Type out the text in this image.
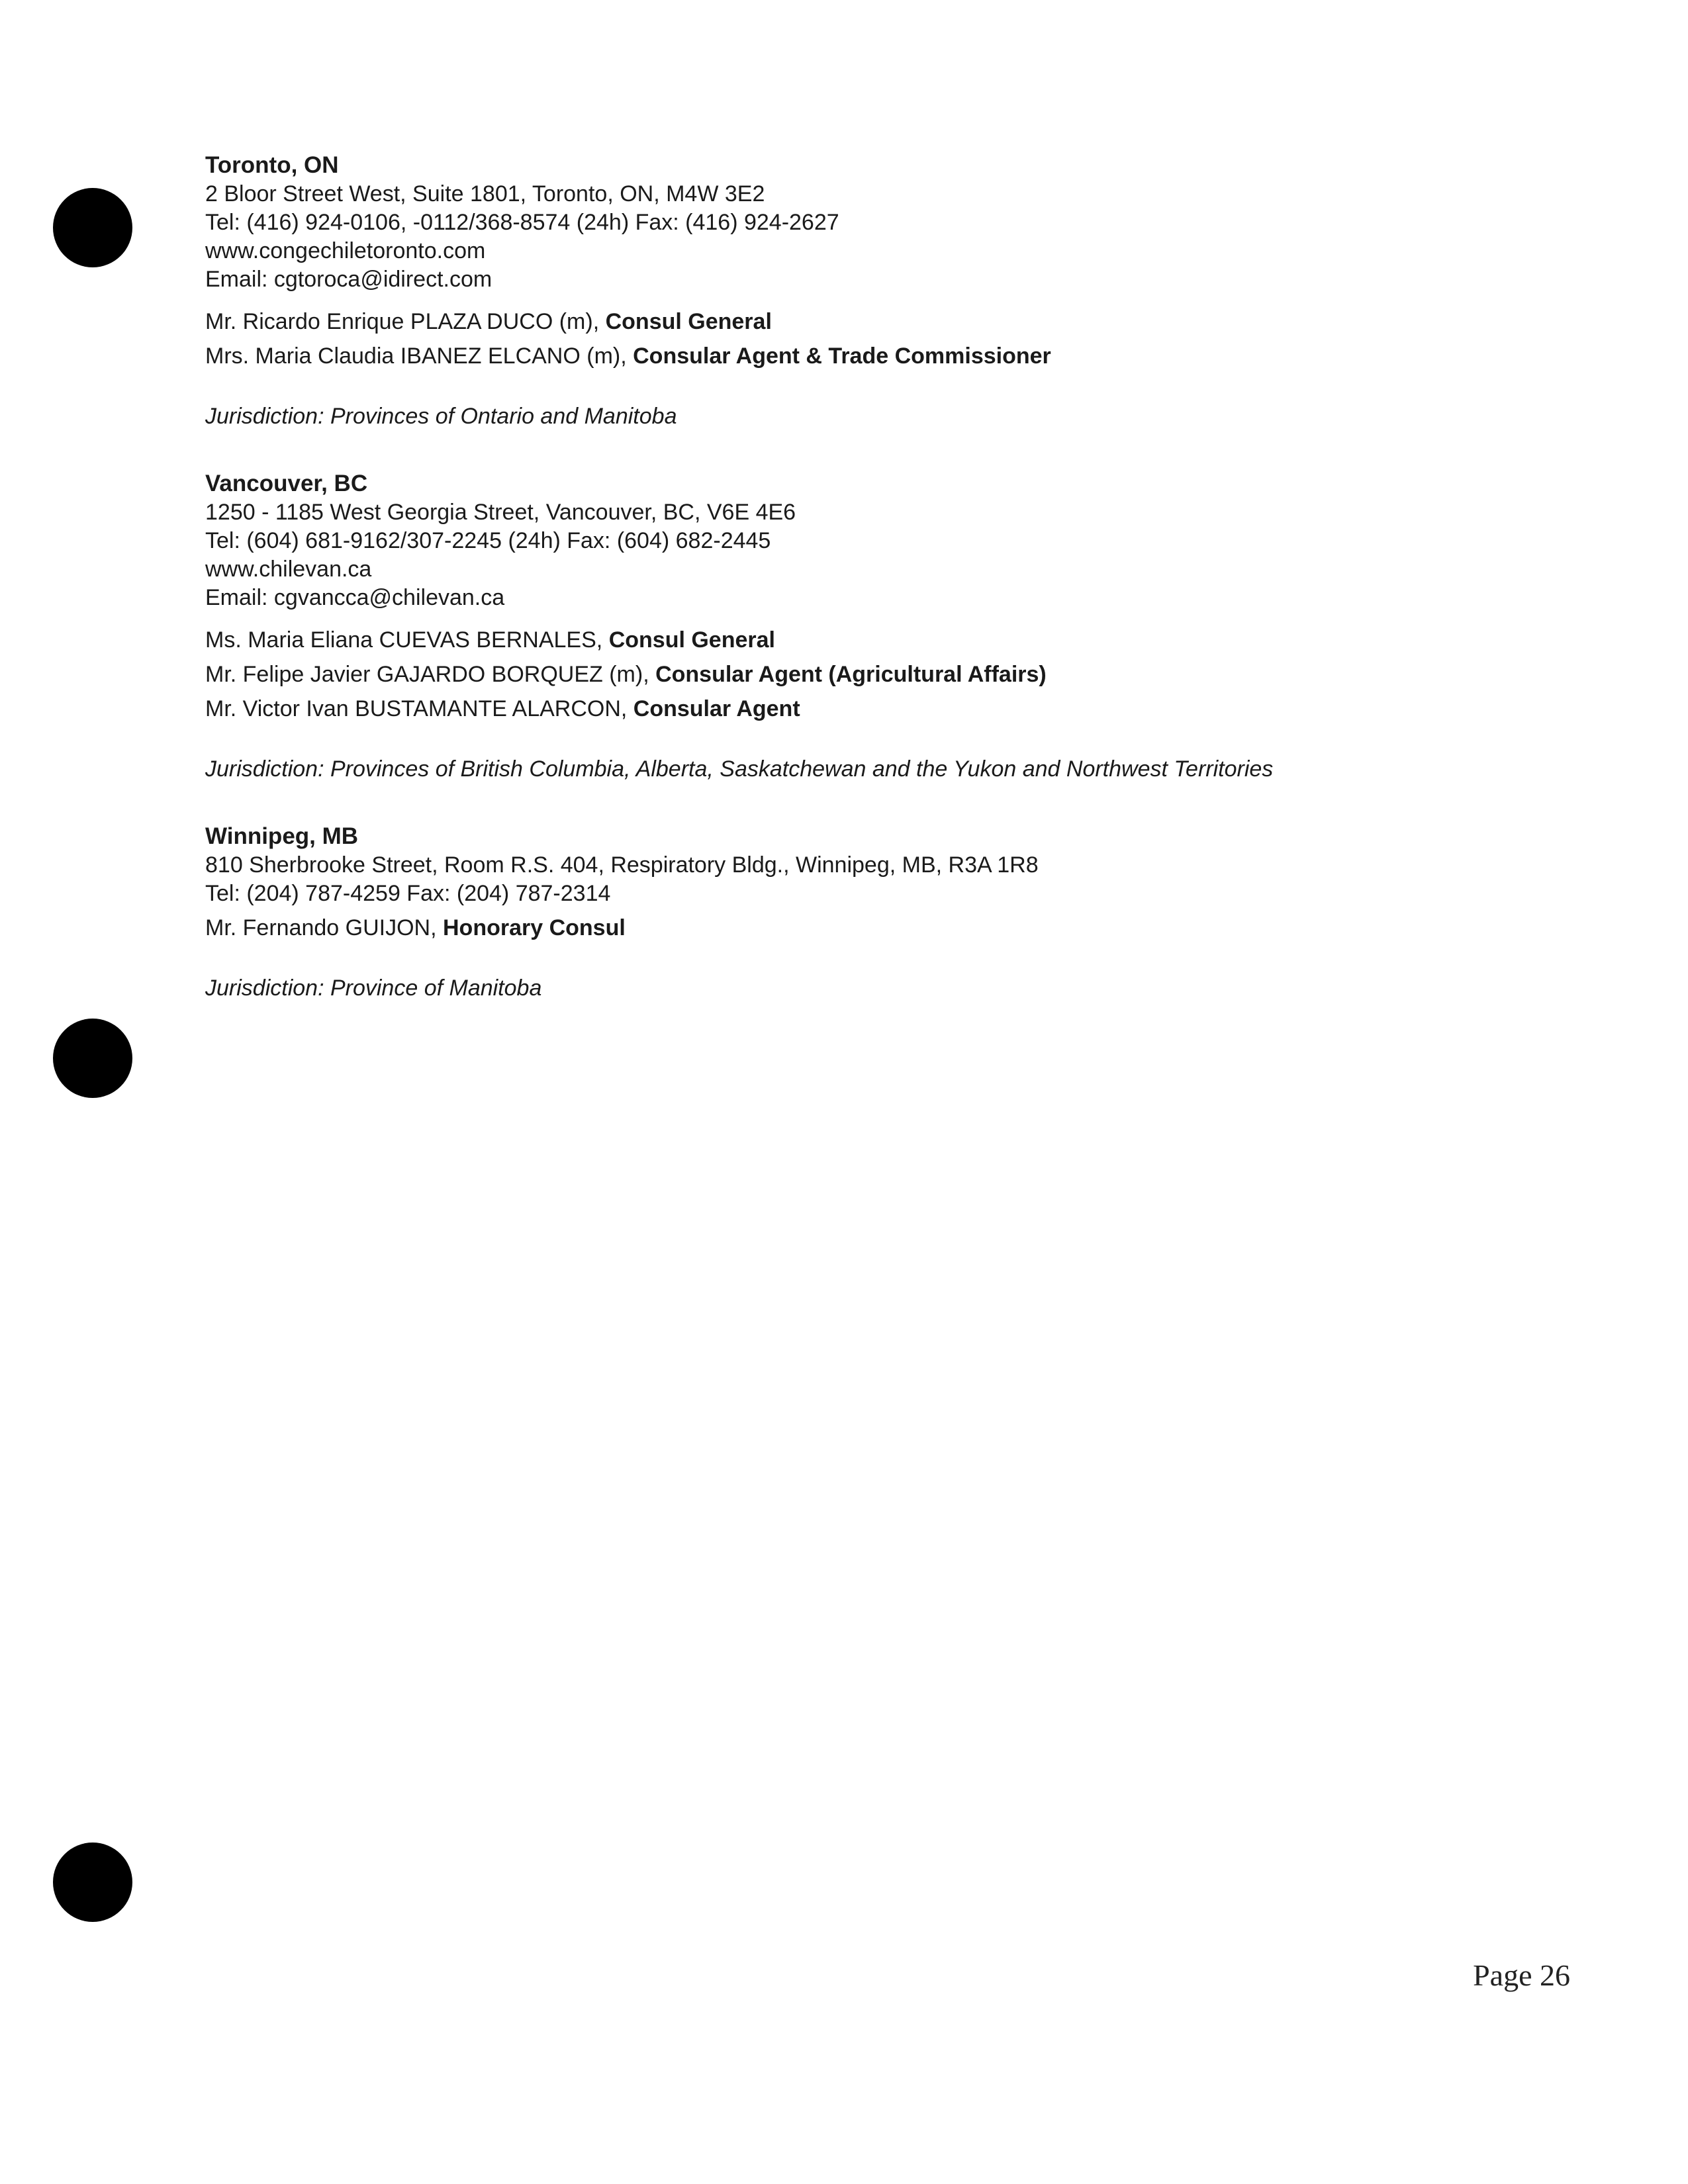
Toronto, ON
2 Bloor Street West, Suite 1801, Toronto, ON, M4W 3E2
Tel: (416) 924-0106, -0112/368-8574 (24h) Fax: (416) 924-2627
www.congechiletoronto.com
Email: cgtoroca@idirect.com
Mr. Ricardo Enrique PLAZA DUCO (m), Consul General
Mrs. Maria Claudia IBANEZ ELCANO (m), Consular Agent & Trade Commissioner
Jurisdiction: Provinces of Ontario and Manitoba
Vancouver, BC
1250 - 1185 West Georgia Street, Vancouver, BC, V6E 4E6
Tel: (604) 681-9162/307-2245 (24h) Fax: (604) 682-2445
www.chilevan.ca
Email: cgvancca@chilevan.ca
Ms. Maria Eliana CUEVAS BERNALES, Consul General
Mr. Felipe Javier GAJARDO BORQUEZ (m), Consular Agent (Agricultural Affairs)
Mr. Victor Ivan BUSTAMANTE ALARCON, Consular Agent
Jurisdiction: Provinces of British Columbia, Alberta, Saskatchewan and the Yukon and Northwest Territories
Winnipeg, MB
810 Sherbrooke Street, Room R.S. 404, Respiratory Bldg., Winnipeg, MB, R3A 1R8
Tel: (204) 787-4259 Fax: (204) 787-2314
Mr. Fernando GUIJON, Honorary Consul
Jurisdiction: Province of Manitoba
Page 26
